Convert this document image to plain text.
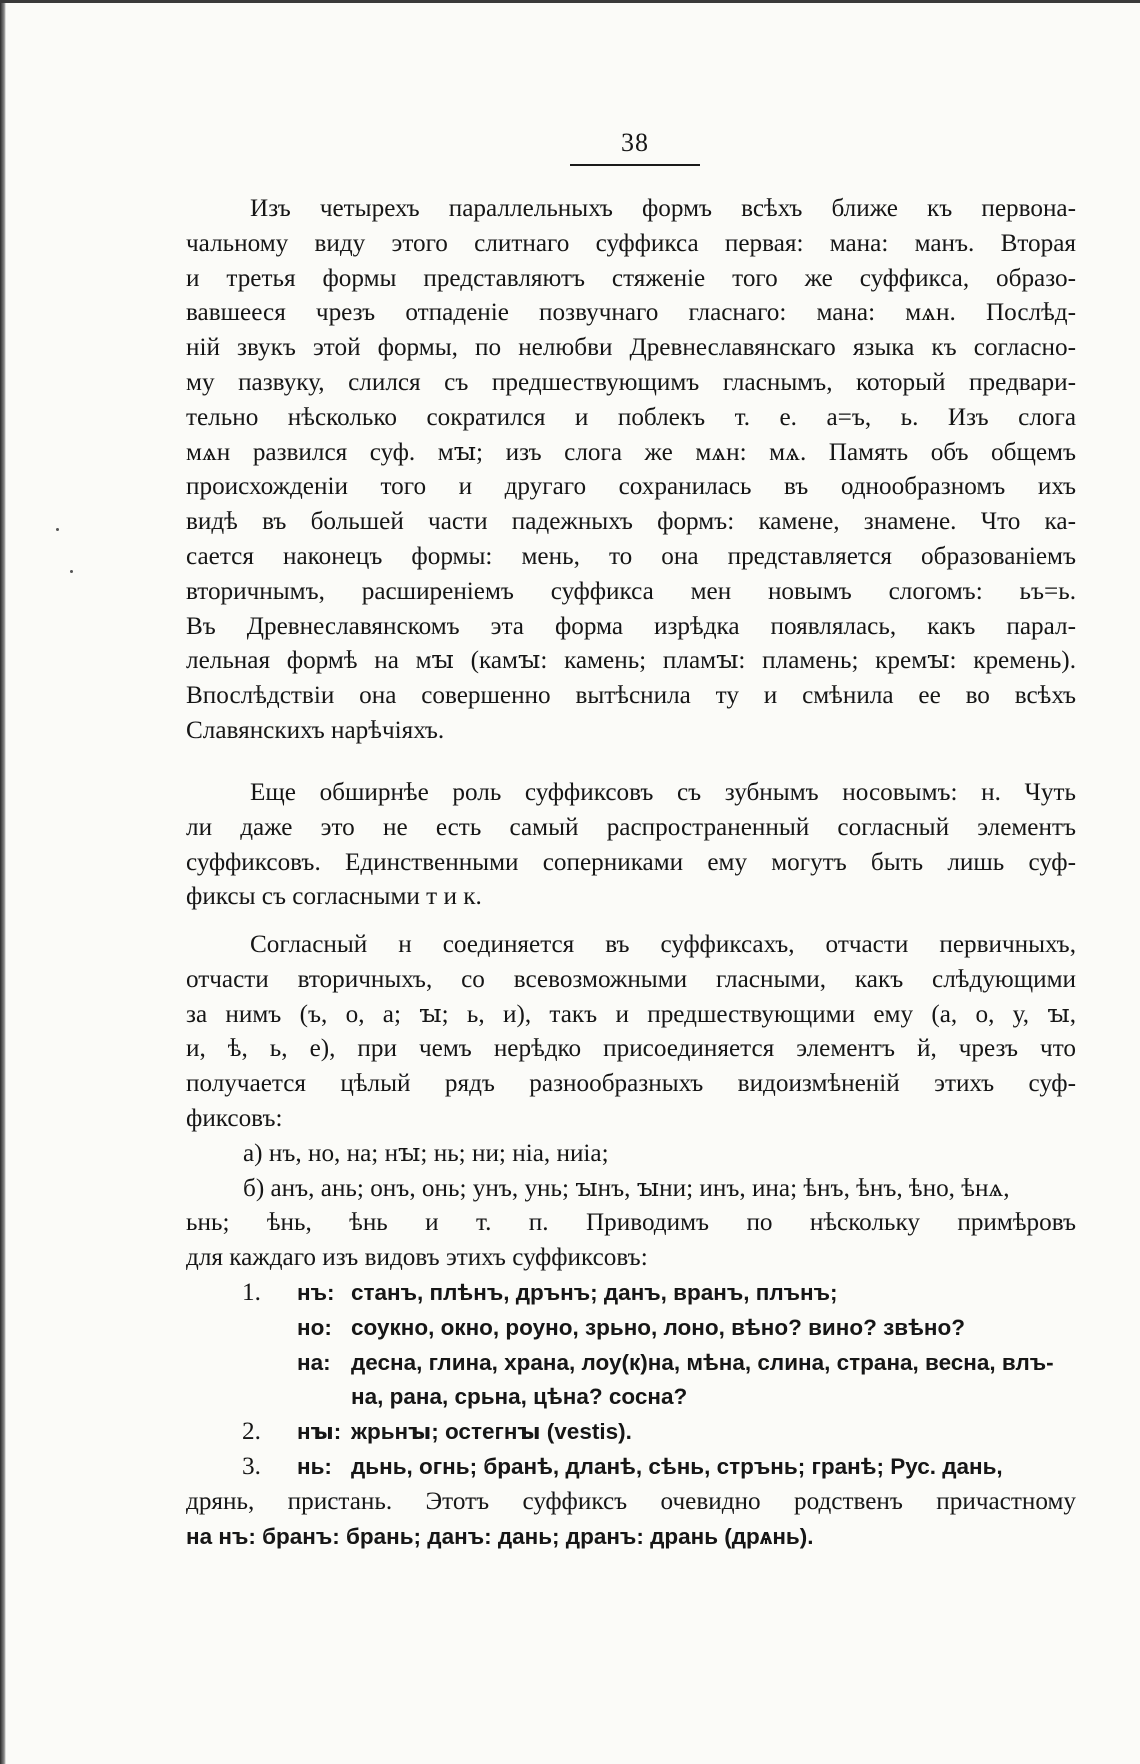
38
Изъ четырехъ параллельныхъ формъ всѣхъ ближе къ первона-
чальному виду этого слитнаго суффикса первая: мана: манъ. Вторая
и третья формы представляютъ стяженіе того же суффикса, образо-
вавшееся чрезъ отпаденіе позвучнаго гласнаго: мана: мѧн. Послѣд-
ній звукъ этой формы, по нелюбви Древнеславянскаго языка къ согласно-
му пазвуку, слился съ предшествующимъ гласнымъ, который предвари-
тельно нѣсколько сократился и поблекъ т. е. а=ъ, ь. Изъ слога
мѧн развился суф. мꙑ; изъ слога же мѧн: мѧ. Память объ общемъ
происхожденіи того и другаго сохранилась въ однообразномъ ихъ
видѣ въ большей части падежныхъ формъ: камене, знамене. Что ка-
сается наконецъ формы: мень, то она представляется образованіемъ
вторичнымъ, расширеніемъ суффикса мен новымъ слогомъ: ьъ=ь.
Въ Древнеславянскомъ эта форма изрѣдка появлялась, какъ парал-
лельная формѣ на мꙑ (камꙑ: камень; пламꙑ: пламень; кремꙑ: кремень).
Впослѣдствіи она совершенно вытѣснила ту и смѣнила ее во всѣхъ
Славянскихъ нарѣчіяхъ.
Еще обширнѣе роль суффиксовъ съ зубнымъ носовымъ: н. Чуть
ли даже это не есть самый распространенный согласный элементъ
суффиксовъ. Единственными соперниками ему могутъ быть лишь суф-
фиксы съ согласными т и к.
Согласный н соединяется въ суффиксахъ, отчасти первичныхъ,
отчасти вторичныхъ, со всевозможными гласными, какъ слѣдующими
за нимъ (ъ, о, а; ꙑ; ь, и), такъ и предшествующими ему (а, о, у, ꙑ,
и, ѣ, ь, е), при чемъ нерѣдко присоединяется элементъ й, чрезъ что
получается цѣлый рядъ разнообразныхъ видоизмѣненій этихъ суф-
фиксовъ:
а) нъ, но, на; нꙑ; нь; ни; ніа, ниіа;
б) анъ, ань; онъ, онь; унъ, унь; ꙑнъ, ꙑни; инъ, ина; ѣнъ, ѣнъ, ѣно, ѣнѧ,
ьнь; ѣнь, ѣнь и т. п. Приводимъ по нѣскольку примѣровъ
для каждаго изъ видовъ этихъ суффиксовъ:
1.	нъ: станъ, плѣнъ, дрънъ; данъ, вранъ, плънъ;
но: соукно, окно, роуно, зрьно, лоно, вѣно? вино? звѣно?
на: десна, глина, храна, лоу(к)на, мѣна, слина, страна, весна, влъ-
на, рана, срьна, цѣна? сосна?
2.	нꙑ: жрьнꙑ; остегнꙑ (vestis).
3.	нь: дьнь, огнь; бранѣ, дланѣ, сѣнь, стрънь; гранѣ; Рус. дань,
дрянь, пристань. Этотъ суффиксъ очевидно родственъ причастному
на нъ: бранъ: брань; данъ: дань; дранъ: дрань (дрѧнь).
